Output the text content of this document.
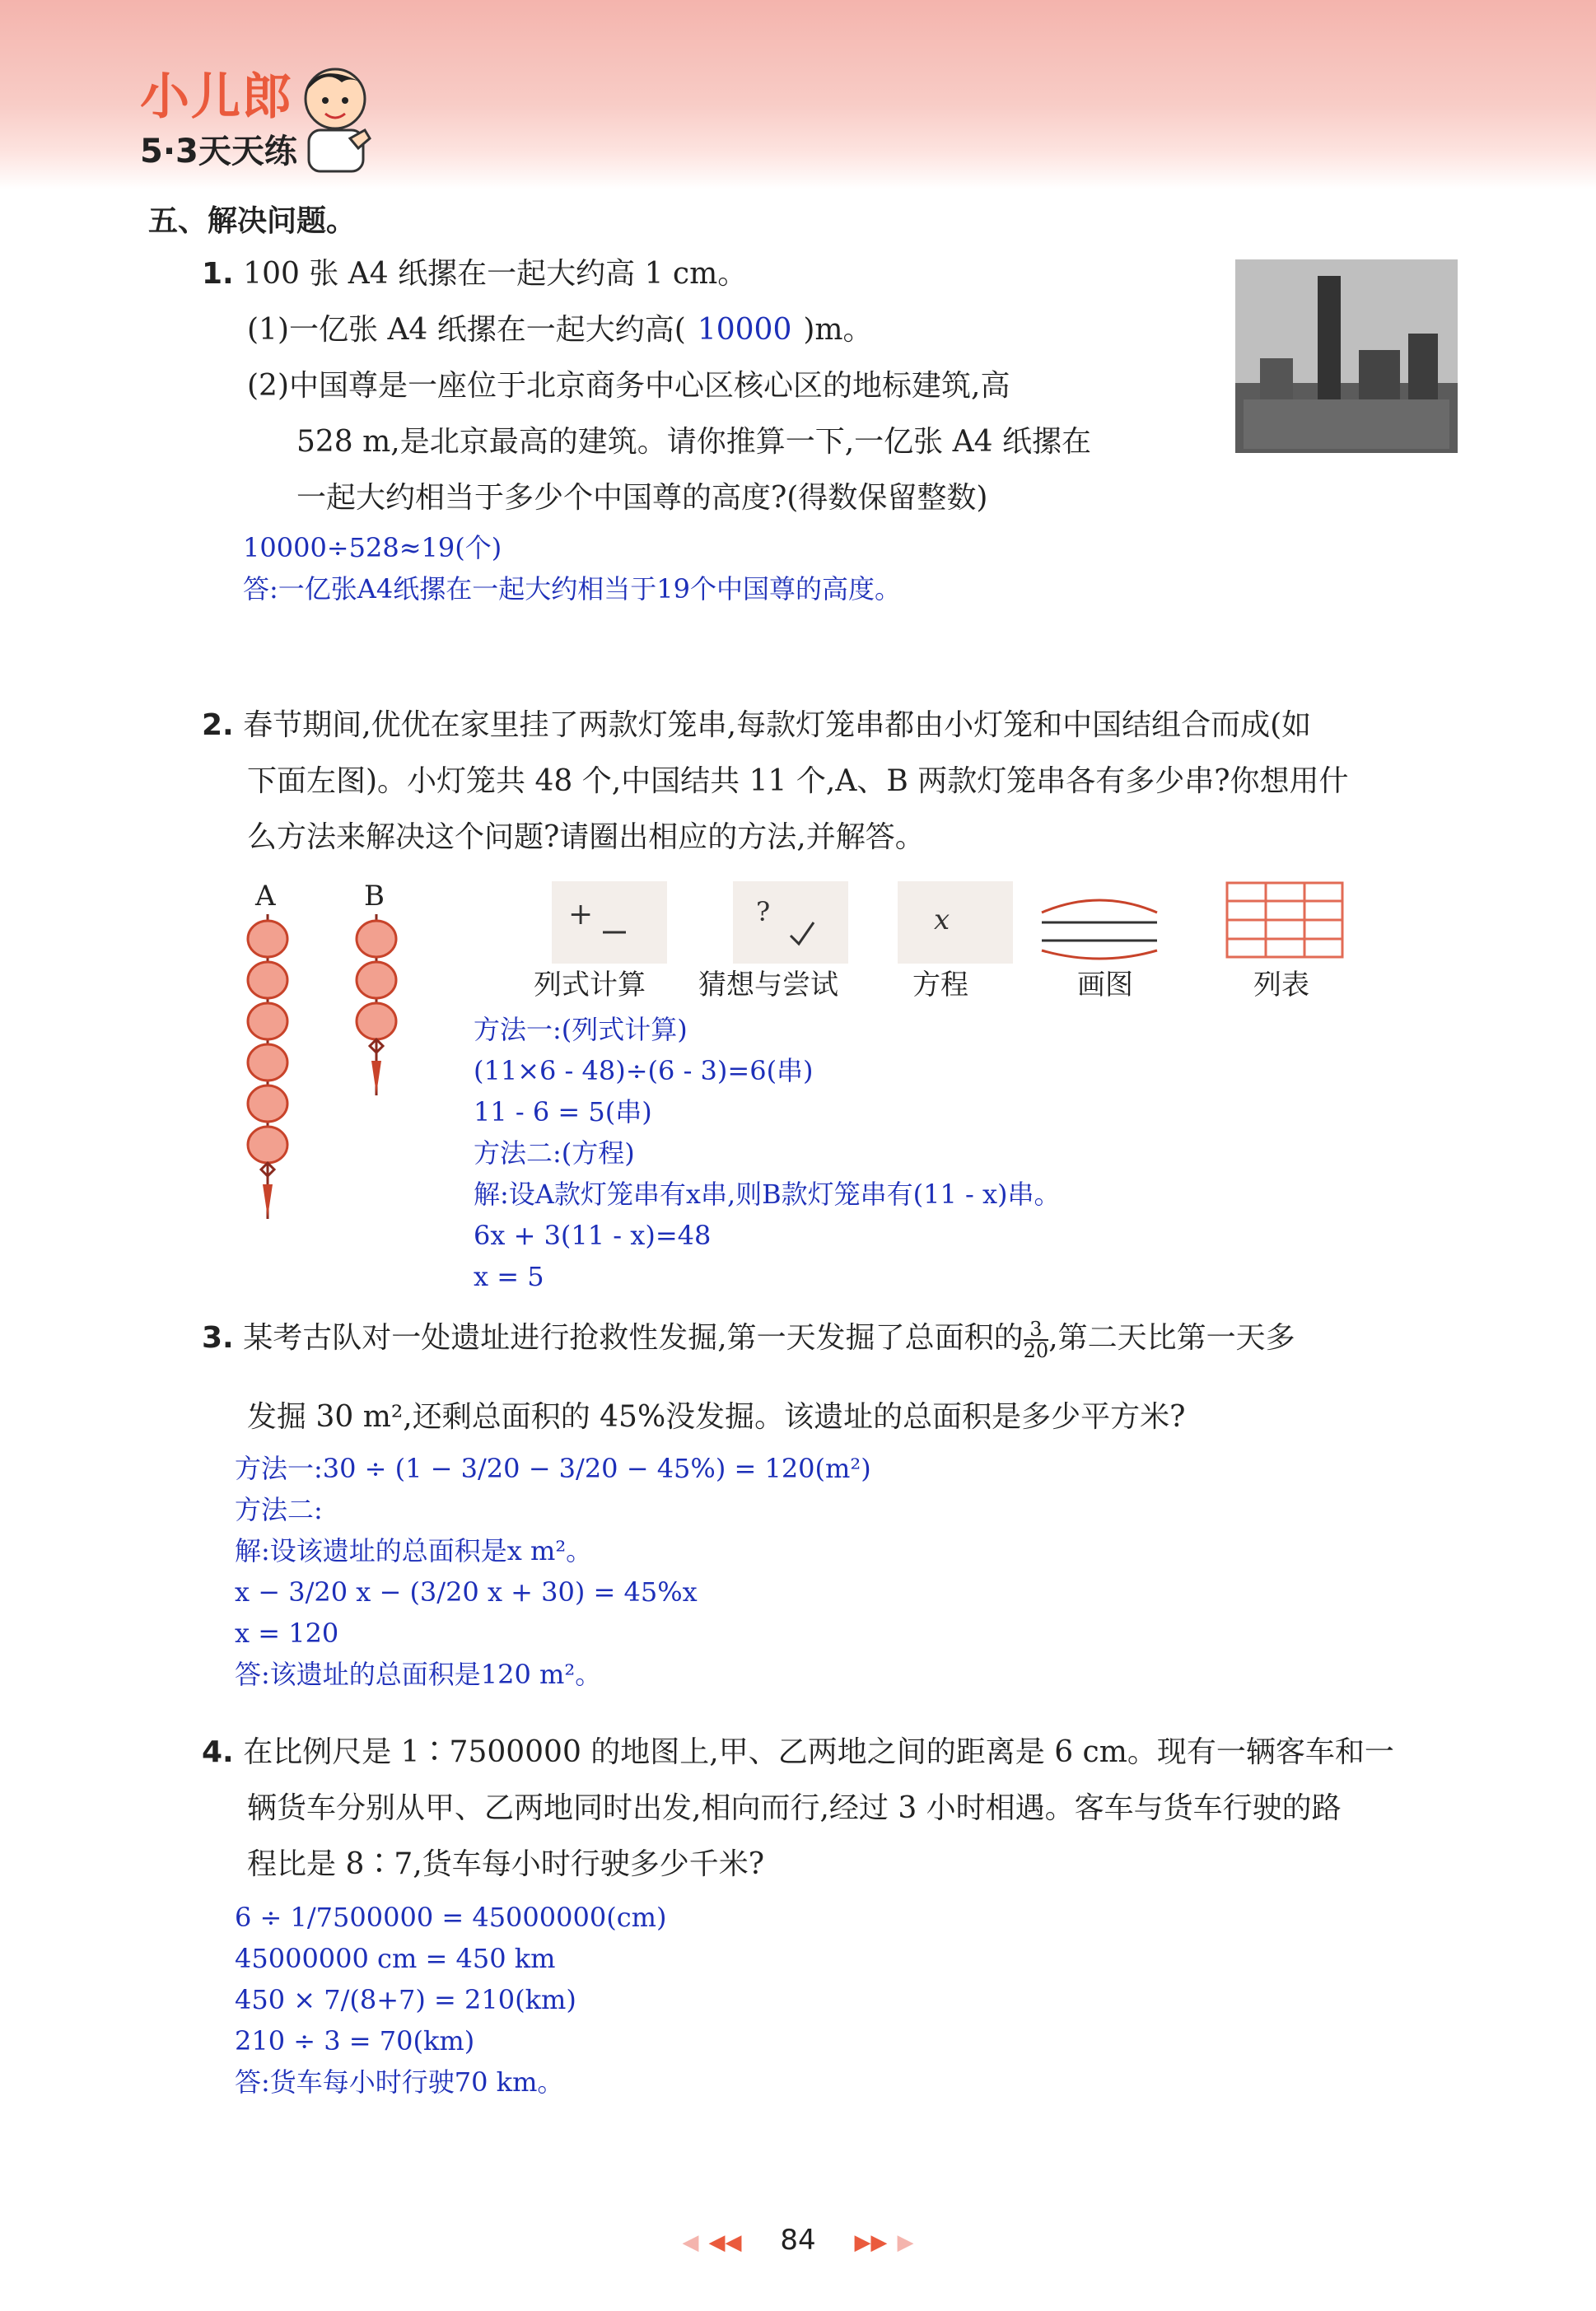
小儿郎
5·3天天练
五、解决问题。
1. 100 张 A4 纸摞在一起大约高 1 cm。
(1)一亿张 A4 纸摞在一起大约高( 10000 )m。
(2)中国尊是一座位于北京商务中心区核心区的地标建筑,高
528 m,是北京最高的建筑。请你推算一下,一亿张 A4 纸摞在
一起大约相当于多少个中国尊的高度?(得数保留整数)
10000÷528≈19(个)
答:一亿张A4纸摞在一起大约相当于19个中国尊的高度。
2. 春节期间,优优在家里挂了两款灯笼串,每款灯笼串都由小灯笼和中国结组合而成(如
下面左图)。小灯笼共 48 个,中国结共 11 个,A、B 两款灯笼串各有多少串?你想用什
么方法来解决这个问题?请圈出相应的方法,并解答。
A	B
+	?	x
列式计算 猜想与尝试	方程	画图	列表
方法一:(列式计算)
(11×6 - 48)÷(6 - 3)=6(串)
11 - 6 = 5(串)
方法二:(方程)
解:设A款灯笼串有x串,则B款灯笼串有(11 - x)串。
6x + 3(11 - x)=48
x = 5
3. 某考古队对一处遗址进行抢救性发掘,第一天发掘了总面积的 $\frac{3}{20}$ ,第二天比第一天多
发掘 30 m²,还剩总面积的 45%没发掘。该遗址的总面积是多少平方米?
方法一:30 ÷ (1 − 3/20 − 3/20 − 45%) = 120(m²)
方法二:
解:设该遗址的总面积是x m²。
x − 3/20 x − (3/20 x + 30) = 45%x
x = 120
答:该遗址的总面积是120 m²。
4. 在比例尺是 1∶7500000 的地图上,甲、乙两地之间的距离是 6 cm。现有一辆客车和一
辆货车分别从甲、乙两地同时出发,相向而行,经过 3 小时相遇。客车与货车行驶的路
程比是 8∶7,货车每小时行驶多少千米?
6 ÷ 1/7500000 = 45000000(cm)
45000000 cm = 450 km
450 × 7/(8+7) = 210(km)
210 ÷ 3 = 70(km)
答:货车每小时行驶70 km。
◀ ◀◀ 84 ▶▶ ▶
